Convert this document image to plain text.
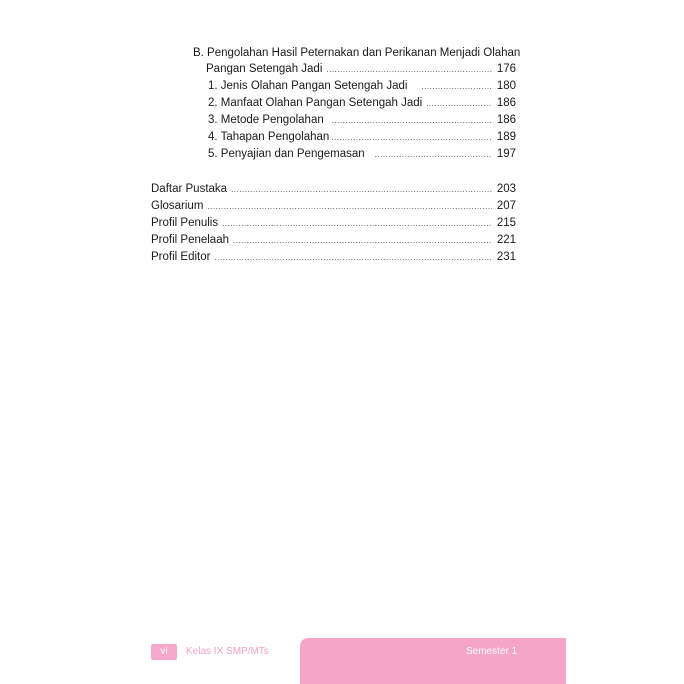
B. Pengolahan Hasil Peternakan dan Perikanan Menjadi Olahan
Pangan Setengah Jadi .....	176
1. Jenis Olahan Pangan Setengah Jadi .....	180
2. Manfaat Olahan Pangan Setengah Jadi .....	186
3. Metode Pengolahan .....	186
4. Tahapan Pengolahan .....	189
5. Penyajian dan Pengemasan .....	197
Daftar Pustaka .....	203
Glosarium .....	207
Profil Penulis .....	215
Profil Penelaah .....	221
Profil Editor .....	231
vi	Kelas IX SMP/MTs	Semester 1
